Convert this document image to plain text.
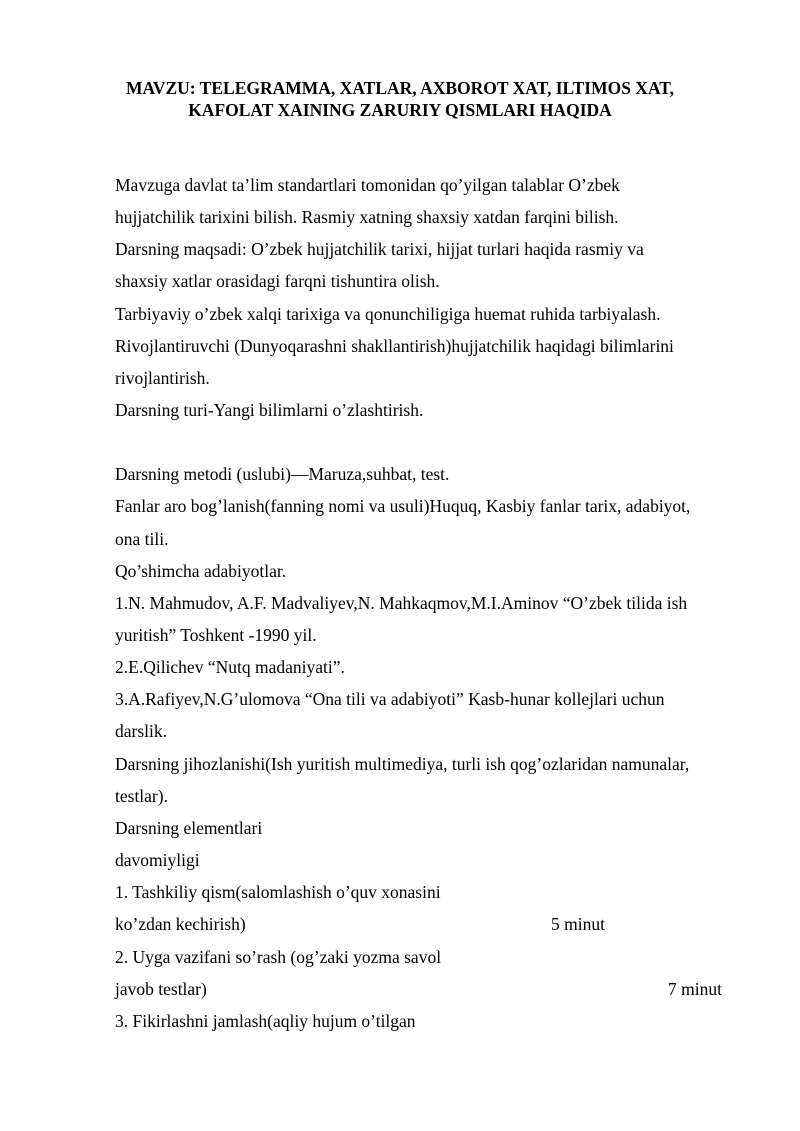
MAVZU: TELEGRAMMA, XATLAR, AXBOROT XAT, ILTIMOS XAT,

KAFOLAT XAINING ZARURIY QISMLARI HAQIDA

Mavzuga davlat ta’lim standartlari tomonidan qo’yilgan talablar O’zbek

hujjatchilik tarixini bilish. Rasmiy xatning shaxsiy xatdan farqini bilish.

Darsning maqsadi: O’zbek hujjatchilik tarixi, hijjat turlari haqida rasmiy va

shaxsiy xatlar orasidagi farqni tishuntira olish.

Tarbiyaviy o’zbek xalqi tarixiga va qonunchiligiga huemat ruhida tarbiyalash.

Rivojlantiruvchi (Dunyoqarashni shakllantirish)hujjatchilik haqidagi bilimlarini

rivojlantirish.

Darsning turi-Yangi bilimlarni o’zlashtirish.

Darsning metodi (uslubi)—Maruza,suhbat, test.

Fanlar aro bog’lanish(fanning nomi va usuli)Huquq, Kasbiy fanlar tarix, adabiyot,

ona tili.

Qo’shimcha adabiyotlar.

1.N. Mahmudov, A.F. Madvaliyev,N. Mahkaqmov,M.I.Aminov “O’zbek tilida ish

yuritish” Toshkent -1990 yil.

2.E.Qilichev “Nutq madaniyati”.

3.A.Rafiyev,N.G’ulomova “Ona tili va adabiyoti” Kasb-hunar kollejlari uchun

darslik.

Darsning jihozlanishi(Ish yuritish multimediya, turli ish qog’ozlaridan namunalar,

testlar).

Darsning elementlari

davomiyligi

1. Tashkiliy qism(salomlashish o’quv xonasini

ko’zdan kechirish)	5 minut

2. Uyga vazifani so’rash (og’zaki yozma savol

javob testlar)	7 minut

3. Fikirlashni jamlash(aqliy hujum o’tilgan
